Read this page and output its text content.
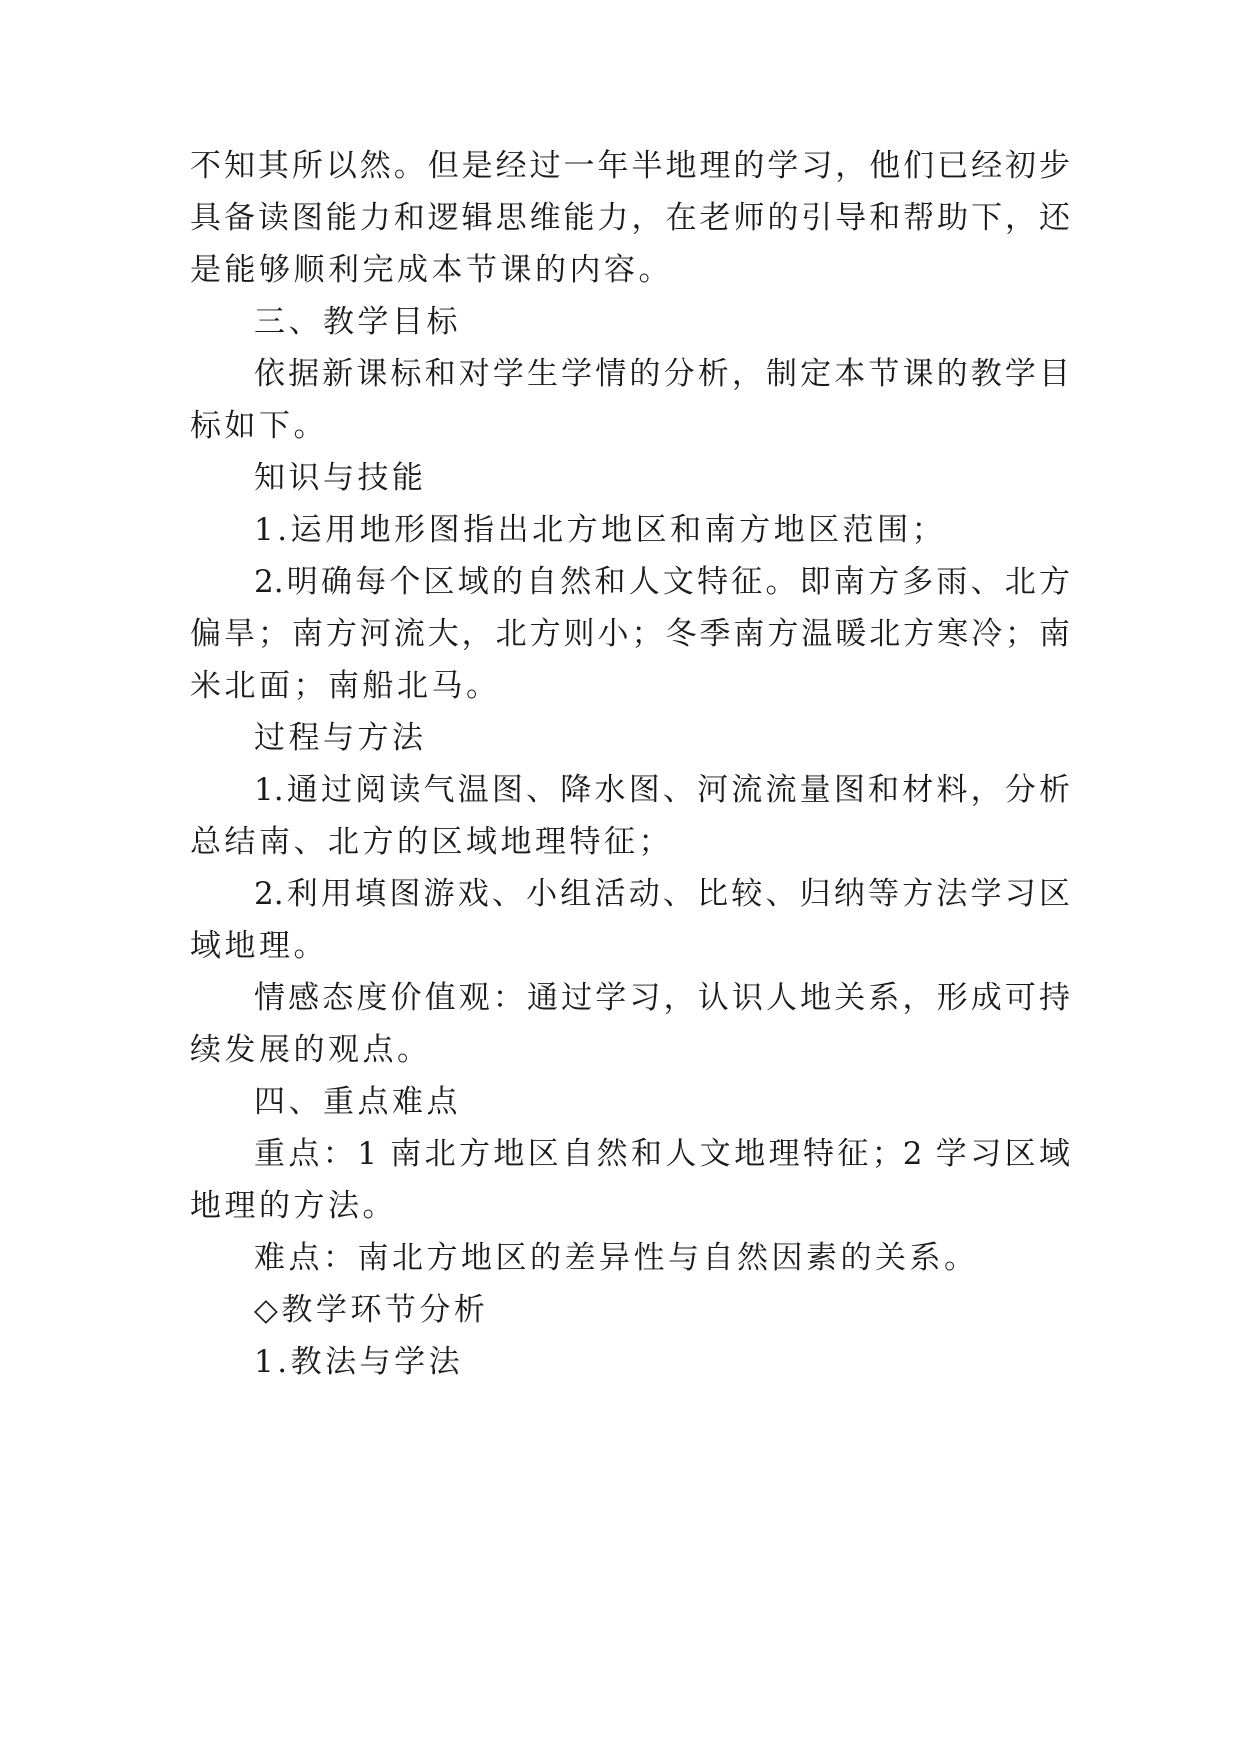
不知其所以然。但是经过一年半地理的学习，他们已经初步
具备读图能力和逻辑思维能力，在老师的引导和帮助下，还
是能够顺利完成本节课的内容。
三、教学目标
依据新课标和对学生学情的分析，制定本节课的教学目
标如下。
知识与技能
1.运用地形图指出北方地区和南方地区范围；
2.明确每个区域的自然和人文特征。即南方多雨、北方
偏旱；南方河流大，北方则小；冬季南方温暖北方寒冷；南
米北面；南船北马。
过程与方法
1.通过阅读气温图、降水图、河流流量图和材料，分析
总结南、北方的区域地理特征；
2.利用填图游戏、小组活动、比较、归纳等方法学习区
域地理。
情感态度价值观：通过学习，认识人地关系，形成可持
续发展的观点。
四、重点难点
重点：1 南北方地区自然和人文地理特征；2 学习区域
地理的方法。
难点：南北方地区的差异性与自然因素的关系。
◇教学环节分析
1.教法与学法
